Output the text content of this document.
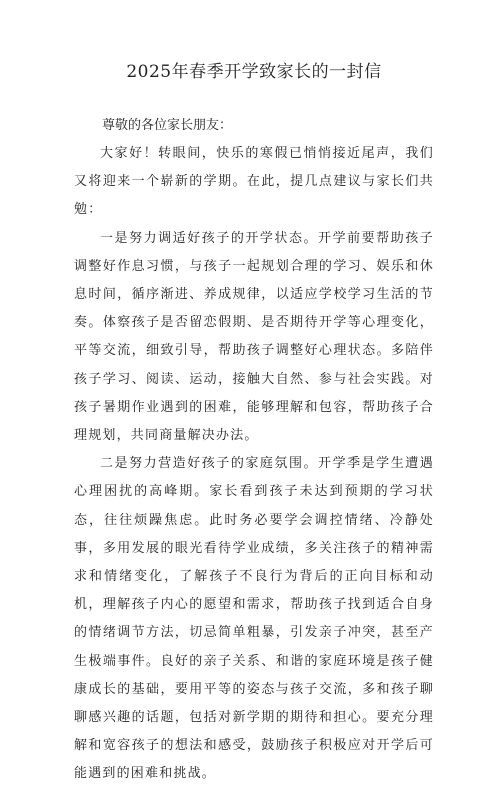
2025年春季开学致家长的一封信

尊敬的各位家长朋友：

大家好！转眼间，快乐的寒假已悄悄接近尾声，我们又将迎来一个崭新的学期。在此，提几点建议与家长们共勉：

一是努力调适好孩子的开学状态。开学前要帮助孩子调整好作息习惯，与孩子一起规划合理的学习、娱乐和休息时间，循序渐进、养成规律，以适应学校学习生活的节奏。体察孩子是否留恋假期、是否期待开学等心理变化，平等交流，细致引导，帮助孩子调整好心理状态。多陪伴孩子学习、阅读、运动，接触大自然、参与社会实践。对孩子暑期作业遇到的困难，能够理解和包容，帮助孩子合理规划，共同商量解决办法。

二是努力营造好孩子的家庭氛围。开学季是学生遭遇心理困扰的高峰期。家长看到孩子未达到预期的学习状态，往往烦躁焦虑。此时务必要学会调控情绪、冷静处事，多用发展的眼光看待学业成绩，多关注孩子的精神需求和情绪变化，了解孩子不良行为背后的正向目标和动机，理解孩子内心的愿望和需求，帮助孩子找到适合自身的情绪调节方法，切忌简单粗暴，引发亲子冲突，甚至产生极端事件。良好的亲子关系、和谐的家庭环境是孩子健康成长的基础，要用平等的姿态与孩子交流，多和孩子聊聊感兴趣的话题，包括对新学期的期待和担心。要充分理解和宽容孩子的想法和感受，鼓励孩子积极应对开学后可能遇到的困难和挑战。
